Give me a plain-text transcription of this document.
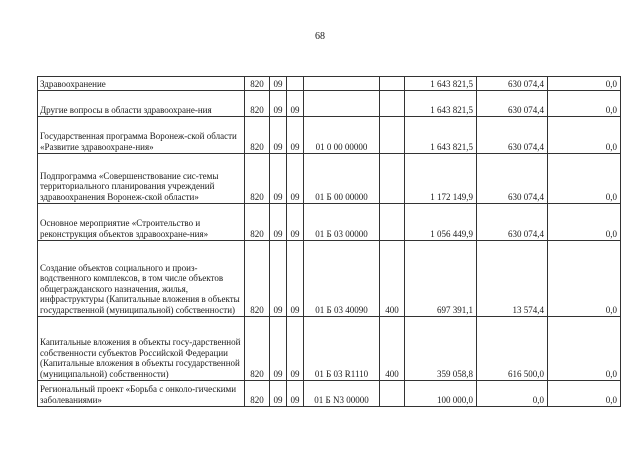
68
Здравоохранение	820	09				1 643 821,5	630 074,4	0,0
Другие вопросы в области здравоохране-ния	820	09	09			1 643 821,5	630 074,4	0,0
Государственная программа Воронеж-ской области «Развитие здравоохране-ния»	820	09	09	01 0 00 00000		1 643 821,5	630 074,4	0,0
Подпрограмма «Совершенствование сис-темы территориального планирования учреждений здравоохранения Воронеж-ской области»	820	09	09	01 Б 00 00000		1 172 149,9	630 074,4	0,0
Основное мероприятие «Строительство и реконструкция объектов здравоохране-ния»	820	09	09	01 Б 03 00000		1 056 449,9	630 074,4	0,0
Создание объектов социального и произ-водственного комплексов, в том числе объектов общегражданского назначения, жилья, инфраструктуры (Капитальные вложения в объекты государственной (муниципальной) собственности)	820	09	09	01 Б 03 40090	400	697 391,1	13 574,4	0,0
Капитальные вложения в объекты госу-дарственной собственности субъектов Российской Федерации (Капитальные вложения в объекты государственной (муниципальной) собственности)	820	09	09	01 Б 03 R1110	400	359 058,8	616 500,0	0,0
Региональный проект «Борьба с онколо-гическими заболеваниями»	820	09	09	01 Б N3 00000		100 000,0	0,0	0,0
